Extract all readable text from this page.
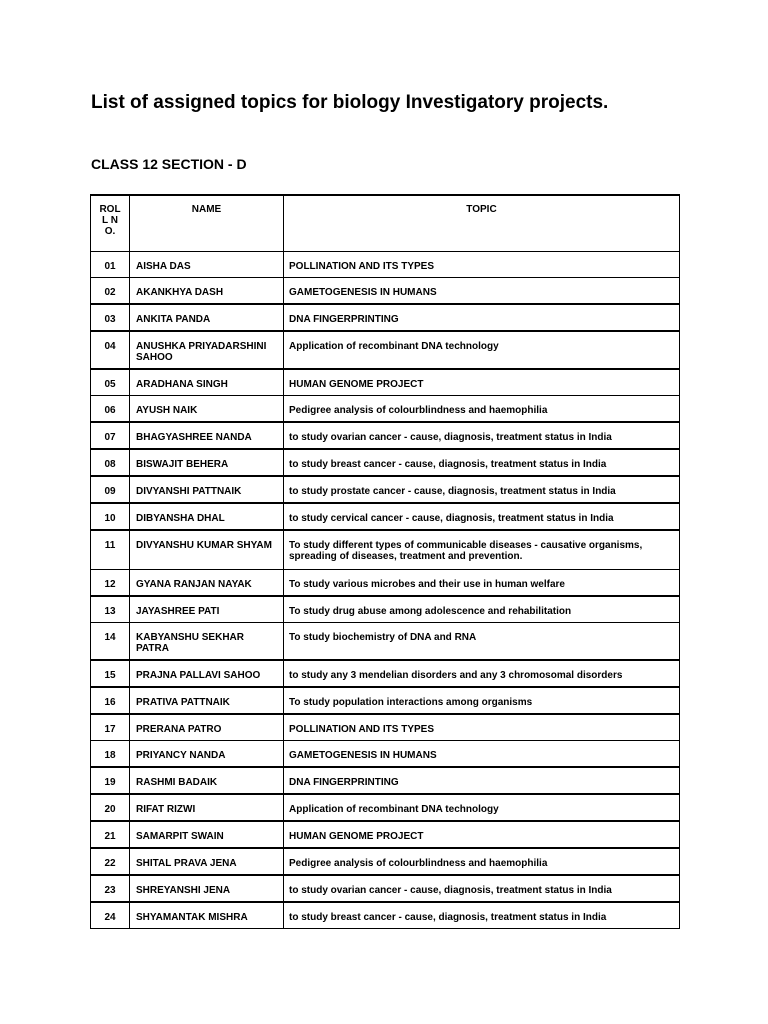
List of assigned topics for biology Investigatory projects.
CLASS 12 SECTION - D
ROLL NO.	NAME	TOPIC
01	AISHA DAS	POLLINATION AND ITS TYPES
02	AKANKHYA DASH	GAMETOGENESIS IN HUMANS
03	ANKITA PANDA	DNA FINGERPRINTING
04	ANUSHKA PRIYADARSHINI SAHOO	Application of recombinant DNA technology
05	ARADHANA SINGH	HUMAN GENOME PROJECT
06	AYUSH NAIK	Pedigree analysis of colourblindness and haemophilia
07	BHAGYASHREE NANDA	to study ovarian cancer - cause, diagnosis, treatment status in India
08	BISWAJIT BEHERA	to study breast cancer - cause, diagnosis, treatment status in India
09	DIVYANSHI PATTNAIK	to study prostate cancer - cause, diagnosis, treatment status in India
10	DIBYANSHA DHAL	to study cervical cancer - cause, diagnosis, treatment status in India
11	DIVYANSHU KUMAR SHYAM	To study different types of communicable diseases - causative organisms, spreading of diseases, treatment and prevention.
12	GYANA RANJAN NAYAK	To study various microbes and their use in human welfare
13	JAYASHREE PATI	To study drug abuse among adolescence and rehabilitation
14	KABYANSHU SEKHAR PATRA	To study biochemistry of DNA and RNA
15	PRAJNA PALLAVI SAHOO	to study any 3 mendelian disorders and any 3 chromosomal disorders
16	PRATIVA PATTNAIK	To study population interactions among organisms
17	PRERANA PATRO	POLLINATION AND ITS TYPES
18	PRIYANCY NANDA	GAMETOGENESIS IN HUMANS
19	RASHMI BADAIK	DNA FINGERPRINTING
20	RIFAT RIZWI	Application of recombinant DNA technology
21	SAMARPIT SWAIN	HUMAN GENOME PROJECT
22	SHITAL PRAVA JENA	Pedigree analysis of colourblindness and haemophilia
23	SHREYANSHI JENA	to study ovarian cancer - cause, diagnosis, treatment status in India
24	SHYAMANTAK MISHRA	to study breast cancer - cause, diagnosis, treatment status in India
